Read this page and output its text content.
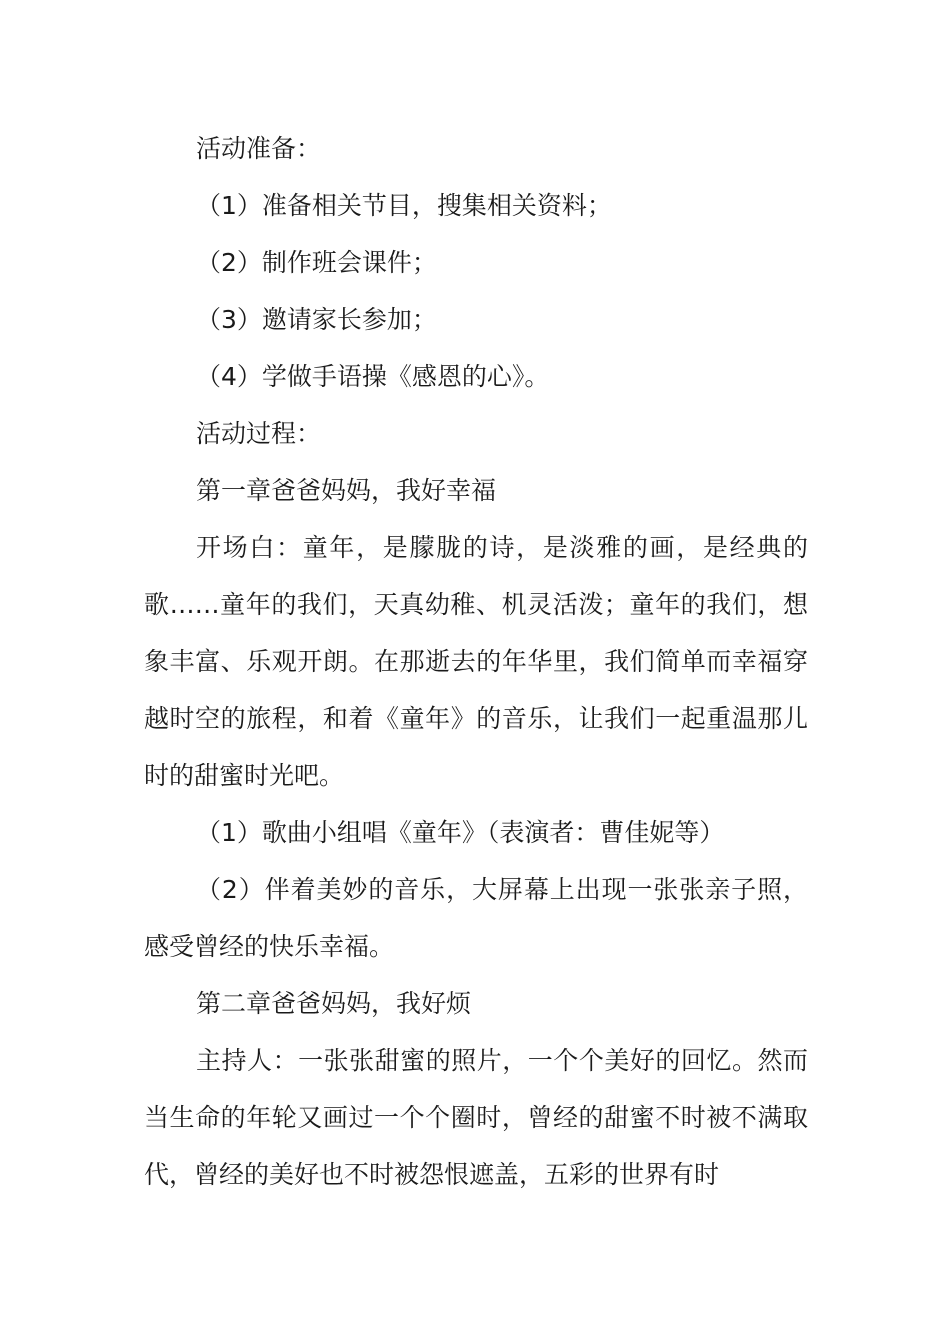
活动准备：

（1）准备相关节目，搜集相关资料；

（2）制作班会课件；

（3）邀请家长参加；

（4）学做手语操《感恩的心》。

活动过程：

第一章爸爸妈妈，我好幸福

开场白：童年，是朦胧的诗，是淡雅的画，是经典的歌……童年的我们，天真幼稚、机灵活泼；童年的我们，想象丰富、乐观开朗。在那逝去的年华里，我们简单而幸福穿越时空的旅程，和着《童年》的音乐，让我们一起重温那儿时的甜蜜时光吧。

（1）歌曲小组唱《童年》（表演者：曹佳妮等）

（2）伴着美妙的音乐，大屏幕上出现一张张亲子照，感受曾经的快乐幸福。

第二章爸爸妈妈，我好烦

主持人：一张张甜蜜的照片，一个个美好的回忆。然而当生命的年轮又画过一个个圈时，曾经的甜蜜不时被不满取代，曾经的美好也不时被怨恨遮盖，五彩的世界有时
